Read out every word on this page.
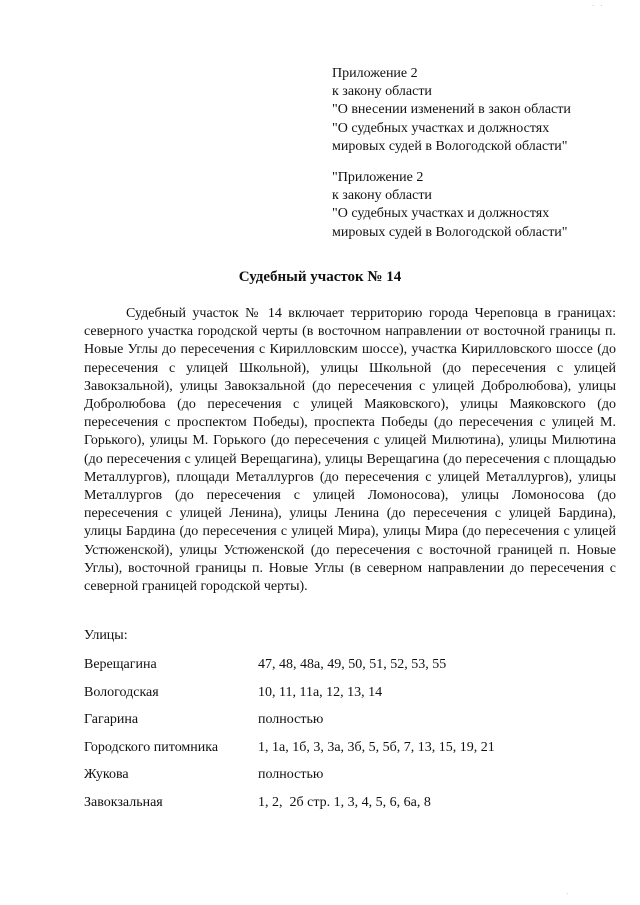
· ·
Приложение 2
к закону области
"О внесении изменений в закон области
"О судебных участках и должностях
мировых судей в Вологодской области"
"Приложение 2
к закону области
"О судебных участках и должностях
мировых судей в Вологодской области"
Судебный участок № 14

Судебный участок № 14 включает территорию города Череповца в границах: северного участка городской черты (в восточном направлении от восточной границы п. Новые Углы до пересечения с Кирилловским шоссе), участка Кирилловского шоссе (до пересечения с улицей Школьной), улицы Школьной (до пересечения с улицей Завокзальной), улицы Завокзальной (до пересечения с улицей Добролюбова), улицы Добролюбова (до пересечения с улицей Маяковского), улицы Маяковского (до пересечения с проспектом Победы), проспекта Победы (до пересечения с улицей М. Горького), улицы М. Горького (до пересечения с улицей Милютина), улицы Милютина (до пересечения с улицей Верещагина), улицы Верещагина (до пересечения с площадью Металлургов), площади Металлургов (до пересечения с улицей Металлургов), улицы Металлургов (до пересечения с улицей Ломоносова), улицы Ломоносова (до пересечения с улицей Ленина), улицы Ленина (до пересечения с улицей Бардина), улицы Бардина (до пересечения с улицей Мира), улицы Мира (до пересечения с улицей Устюженской), улицы Устюженской (до пересечения с восточной границей п. Новые Углы), восточной границы п. Новые Углы (в северном направлении до пересечения с северной границей городской черты).

Улицы:
Верещагина	47, 48, 48а, 49, 50, 51, 52, 53, 55
Вологодская	10, 11, 11а, 12, 13, 14
Гагарина	полностью
Городского питомника	1, 1а, 1б, 3, 3а, 3б, 5, 5б, 7, 13, 15, 19, 21
Жукова	полностью
Завокзальная	1, 2,  2б стр. 1, 3, 4, 5, 6, 6а, 8
·
